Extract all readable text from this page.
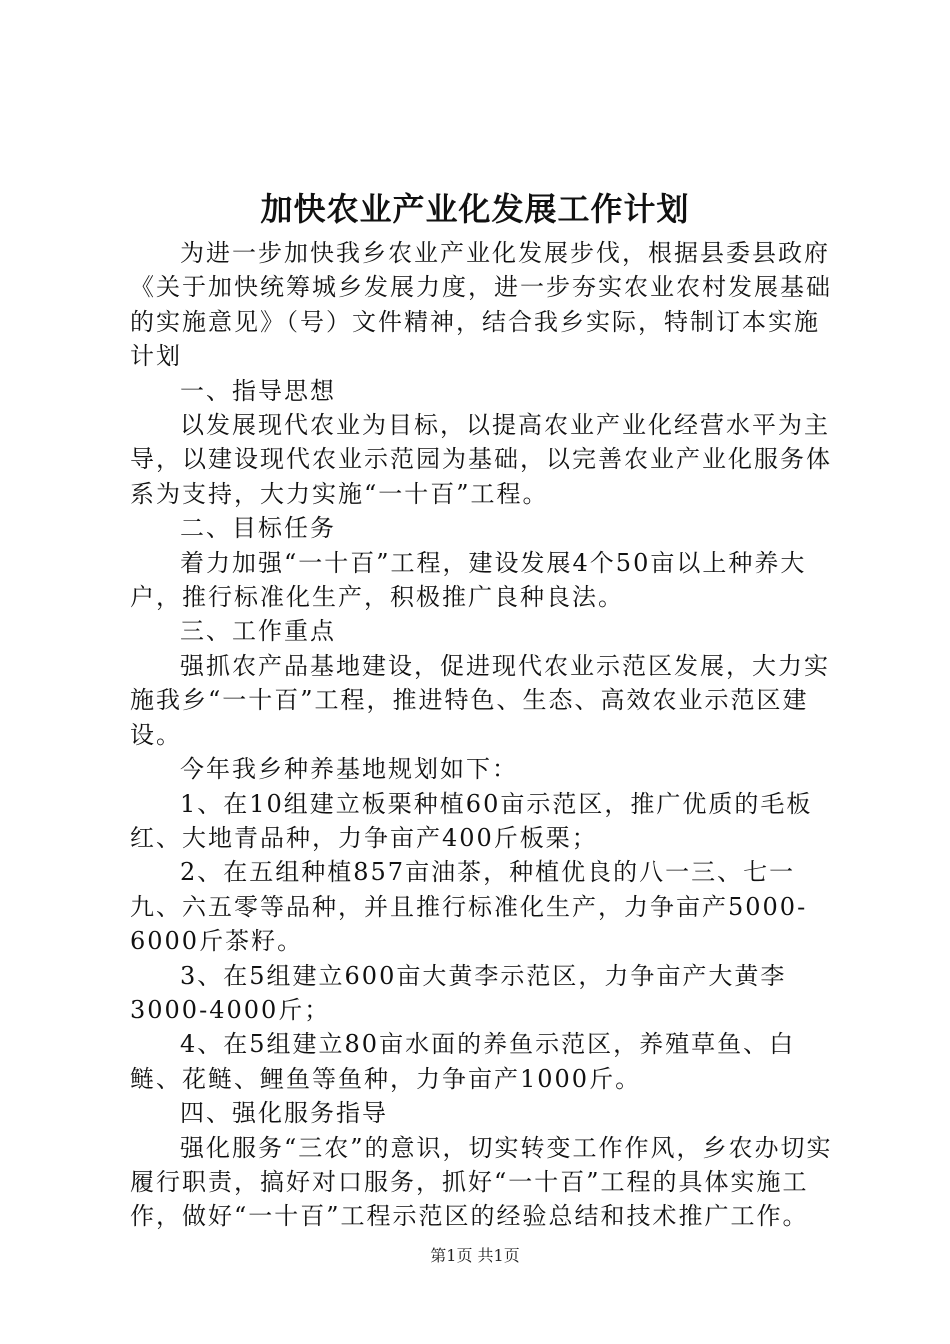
加快农业产业化发展工作计划

为进一步加快我乡农业产业化发展步伐，根据县委县政府《关于加快统筹城乡发展力度，进一步夯实农业农村发展基础的实施意见》（号）文件精神，结合我乡实际，特制订本实施计划

一、指导思想

以发展现代农业为目标，以提高农业产业化经营水平为主导，以建设现代农业示范园为基础，以完善农业产业化服务体系为支持，大力实施“一十百”工程。

二、目标任务

着力加强“一十百”工程，建设发展4个50亩以上种养大户，推行标准化生产，积极推广良种良法。

三、工作重点

强抓农产品基地建设，促进现代农业示范区发展，大力实施我乡“一十百”工程，推进特色、生态、高效农业示范区建设。

今年我乡种养基地规划如下：

1、在10组建立板栗种植60亩示范区，推广优质的毛板红、大地青品种，力争亩产400斤板栗；

2、在五组种植857亩油茶，种植优良的八一三、七一九、六五零等品种，并且推行标准化生产，力争亩产5000-6000斤茶籽。

3、在5组建立600亩大黄李示范区，力争亩产大黄李3000-4000斤；

4、在5组建立80亩水面的养鱼示范区，养殖草鱼、白鲢、花鲢、鲤鱼等鱼种，力争亩产1000斤。

四、强化服务指导

强化服务“三农”的意识，切实转变工作作风，乡农办切实履行职责，搞好对口服务，抓好“一十百”工程的具体实施工作，做好“一十百”工程示范区的经验总结和技术推广工作。

第1页 共1页
